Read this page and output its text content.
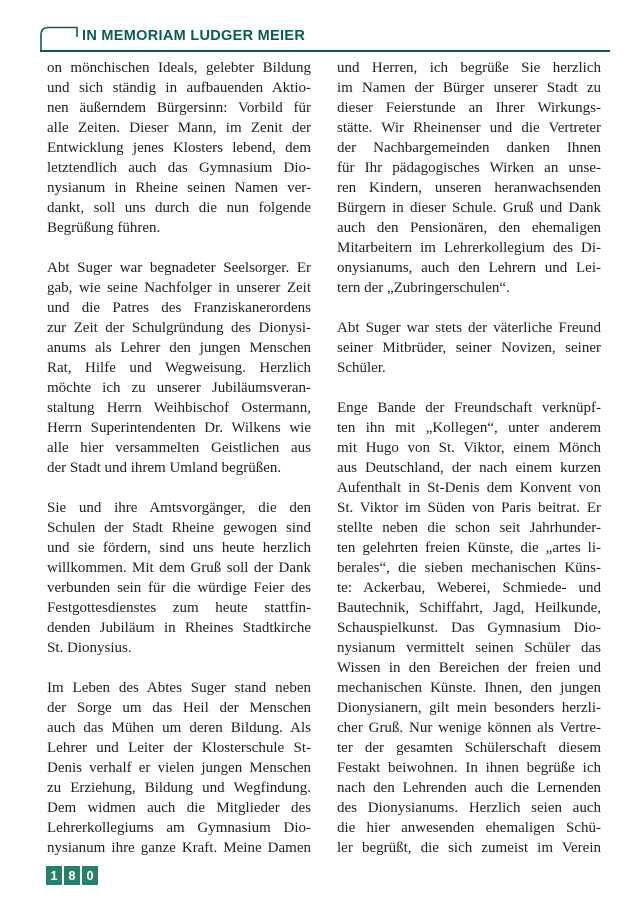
IN MEMORIAM LUDGER MEIER
on mönchischen Ideals, gelebter Bildung
und sich ständig in aufbauenden Aktio-
nen äußerndem Bürgersinn: Vorbild für
alle Zeiten. Dieser Mann, im Zenit der
Entwicklung jenes Klosters lebend, dem
letztendlich auch das Gymnasium Dio-
nysianum in Rheine seinen Namen ver-
dankt, soll uns durch die nun folgende
Begrüßung führen.
Abt Suger war begnadeter Seelsorger. Er
gab, wie seine Nachfolger in unserer Zeit
und die Patres des Franziskanerordens
zur Zeit der Schulgründung des Dionysi-
anums als Lehrer den jungen Menschen
Rat, Hilfe und Wegweisung. Herzlich
möchte ich zu unserer Jubiläumsveran-
staltung Herrn Weihbischof Ostermann,
Herrn Superintendenten Dr. Wilkens wie
alle hier versammelten Geistlichen aus
der Stadt und ihrem Umland begrüßen.
Sie und ihre Amtsvorgänger, die den
Schulen der Stadt Rheine gewogen sind
und sie fördern, sind uns heute herzlich
willkommen. Mit dem Gruß soll der Dank
verbunden sein für die würdige Feier des
Festgottesdienstes zum heute stattfin-
denden Jubiläum in Rheines Stadtkirche
St. Dionysius.
Im Leben des Abtes Suger stand neben
der Sorge um das Heil der Menschen
auch das Mühen um deren Bildung. Als
Lehrer und Leiter der Klosterschule St-
Denis verhalf er vielen jungen Menschen
zu Erziehung, Bildung und Wegfindung.
Dem widmen auch die Mitglieder des
Lehrerkollegiums am Gymnasium Dio-
nysianum ihre ganze Kraft. Meine Damen
und Herren, ich begrüße Sie herzlich
im Namen der Bürger unserer Stadt zu
dieser Feierstunde an Ihrer Wirkungs-
stätte. Wir Rheinenser und die Vertreter
der Nachbargemeinden danken Ihnen
für Ihr pädagogisches Wirken an unse-
ren Kindern, unseren heranwachsenden
Bürgern in dieser Schule. Gruß und Dank
auch den Pensionären, den ehemaligen
Mitarbeitern im Lehrerkollegium des Di-
onysianums, auch den Lehrern und Lei-
tern der „Zubringerschulen“.
Abt Suger war stets der väterliche Freund
seiner Mitbrüder, seiner Novizen, seiner
Schüler.
Enge Bande der Freundschaft verknüpf-
ten ihn mit „Kollegen“, unter anderem
mit Hugo von St. Viktor, einem Mönch
aus Deutschland, der nach einem kurzen
Aufenthalt in St-Denis dem Konvent von
St. Viktor im Süden von Paris beitrat. Er
stellte neben die schon seit Jahrhunder-
ten gelehrten freien Künste, die „artes li-
berales“, die sieben mechanischen Küns-
te: Ackerbau, Weberei, Schmiede- und
Bautechnik, Schiffahrt, Jagd, Heilkunde,
Schauspielkunst. Das Gymnasium Dio-
nysianum vermittelt seinen Schüler das
Wissen in den Bereichen der freien und
mechanischen Künste. Ihnen, den jungen
Dionysianern, gilt mein besonders herzli-
cher Gruß. Nur wenige können als Vertre-
ter der gesamten Schülerschaft diesem
Festakt beiwohnen. In ihnen begrüße ich
nach den Lehrenden auch die Lernenden
des Dionysianums. Herzlich seien auch
die hier anwesenden ehemaligen Schü-
ler begrüßt, die sich zumeist im Verein
1 8 0
